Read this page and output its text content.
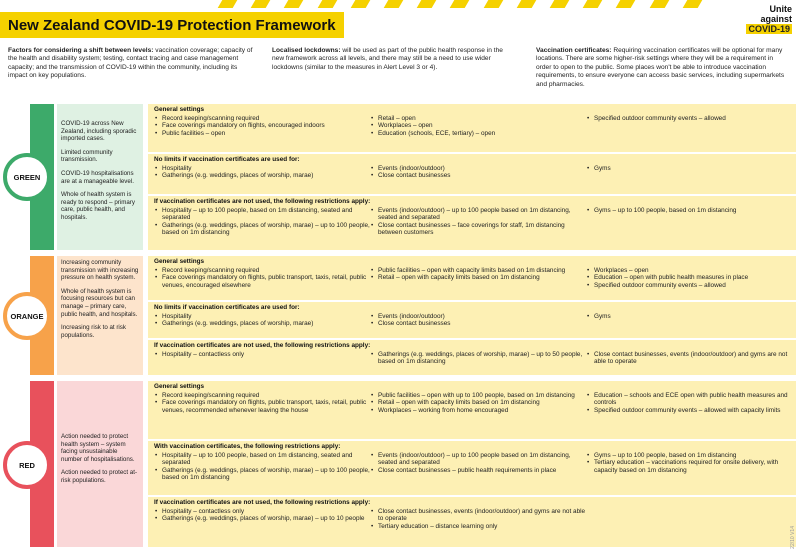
New Zealand COVID-19 Protection Framework
Unite
against
COVID-19
Factors for considering a shift between levels: vaccination coverage; capacity of the health and disability system; testing, contact tracing and case management capacity; and the transmission of COVID-19 within the community, including its impact on key populations.
Localised lockdowns: will be used as part of the public health response in the new framework across all levels, and there may still be a need to use wider lockdowns (similar to the measures in Alert Level 3 or 4).
Vaccination certificates: Requiring vaccination certificates will be optional for many locations. There are some higher-risk settings where they will be a requirement in order to open to the public. Some places won't be able to introduce vaccination requirements, to ensure everyone can access basic services, including supermarkets and pharmacies.
GREEN

COVID-19 across New Zealand, including sporadic imported cases.

Limited community transmission.

COVID-19 hospitalisations are at a manageable level.

Whole of health system is ready to respond – primary care, public health, and hospitals.

General settings
• Record keeping/scanning required
• Face coverings mandatory on flights, encouraged indoors
• Public facilities – open
• Retail – open
• Workplaces – open
• Education (schools, ECE, tertiary) – open
• Specified outdoor community events – allowed
No limits if vaccination certificates are used for:
• Hospitality
• Gatherings (e.g. weddings, places of worship, marae)
• Events (indoor/outdoor)
• Close contact businesses
• Gyms
If vaccination certificates are not used, the following restrictions apply:
• Hospitality – up to 100 people, based on 1m distancing, seated and separated
• Gatherings (e.g. weddings, places of worship, marae) – up to 100 people, based on 1m distancing
• Events (indoor/outdoor) – up to 100 people based on 1m distancing, seated and separated
• Close contact businesses – face coverings for staff, 1m distancing between customers
• Gyms – up to 100 people, based on 1m distancing
ORANGE

Increasing community transmission with increasing pressure on health system.

Whole of health system is focusing resources but can manage – primary care, public health, and hospitals.

Increasing risk to at risk populations.

General settings
• Record keeping/scanning required
• Face coverings mandatory on flights, public transport, taxis, retail, public venues, encouraged elsewhere
• Public facilities – open with capacity limits based on 1m distancing
• Retail – open with capacity limits based on 1m distancing
• Workplaces – open
• Education – open with public health measures in place
• Specified outdoor community events – allowed
No limits if vaccination certificates are used for:
• Hospitality
• Gatherings (e.g. weddings, places of worship, marae)
• Events (indoor/outdoor)
• Close contact businesses
• Gyms
If vaccination certificates are not used, the following restrictions apply:
• Hospitality – contactless only
•	Gatherings (e.g. weddings, places of worship, marae) – up to 50 people, based on 1m distancing
• Close contact businesses, events (indoor/outdoor) and gyms are not able to operate
RED

Action needed to protect health system – system facing unsustainable number of hospitalisations.

Action needed to protect at-risk populations.

General settings
• Record keeping/scanning required
• Face coverings mandatory on flights, public transport, taxis, retail, public venues, recommended whenever leaving the house
• Public facilities – open with up to 100 people, based on 1m distancing
• Retail – open with capacity limits based on 1m distancing
• Workplaces – working from home encouraged
• Education – schools and ECE open with public health measures and controls
• Specified outdoor community events – allowed with capacity limits
With vaccination certificates, the following restrictions apply:
• Hospitality – up to 100 people, based on 1m distancing, seated and separated
• Gatherings (e.g. weddings, places of worship, marae) – up to 100 people, based on 1m distancing
• Events (indoor/outdoor) – up to 100 people based on 1m distancing, seated and separated
• Close contact businesses – public health requirements in place
• Gyms – up to 100 people, based on 1m distancing
• Tertiary education – vaccinations required for onsite delivery, with capacity based on 1m distancing
If vaccination certificates are not used, the following restrictions apply:
• Hospitality – contactless only
• Gatherings (e.g. weddings, places of worship, marae) – up to 10 people
• Close contact businesses, events (indoor/outdoor) and gyms are not able to operate
• Tertiary education – distance learning only	22/10 V14
